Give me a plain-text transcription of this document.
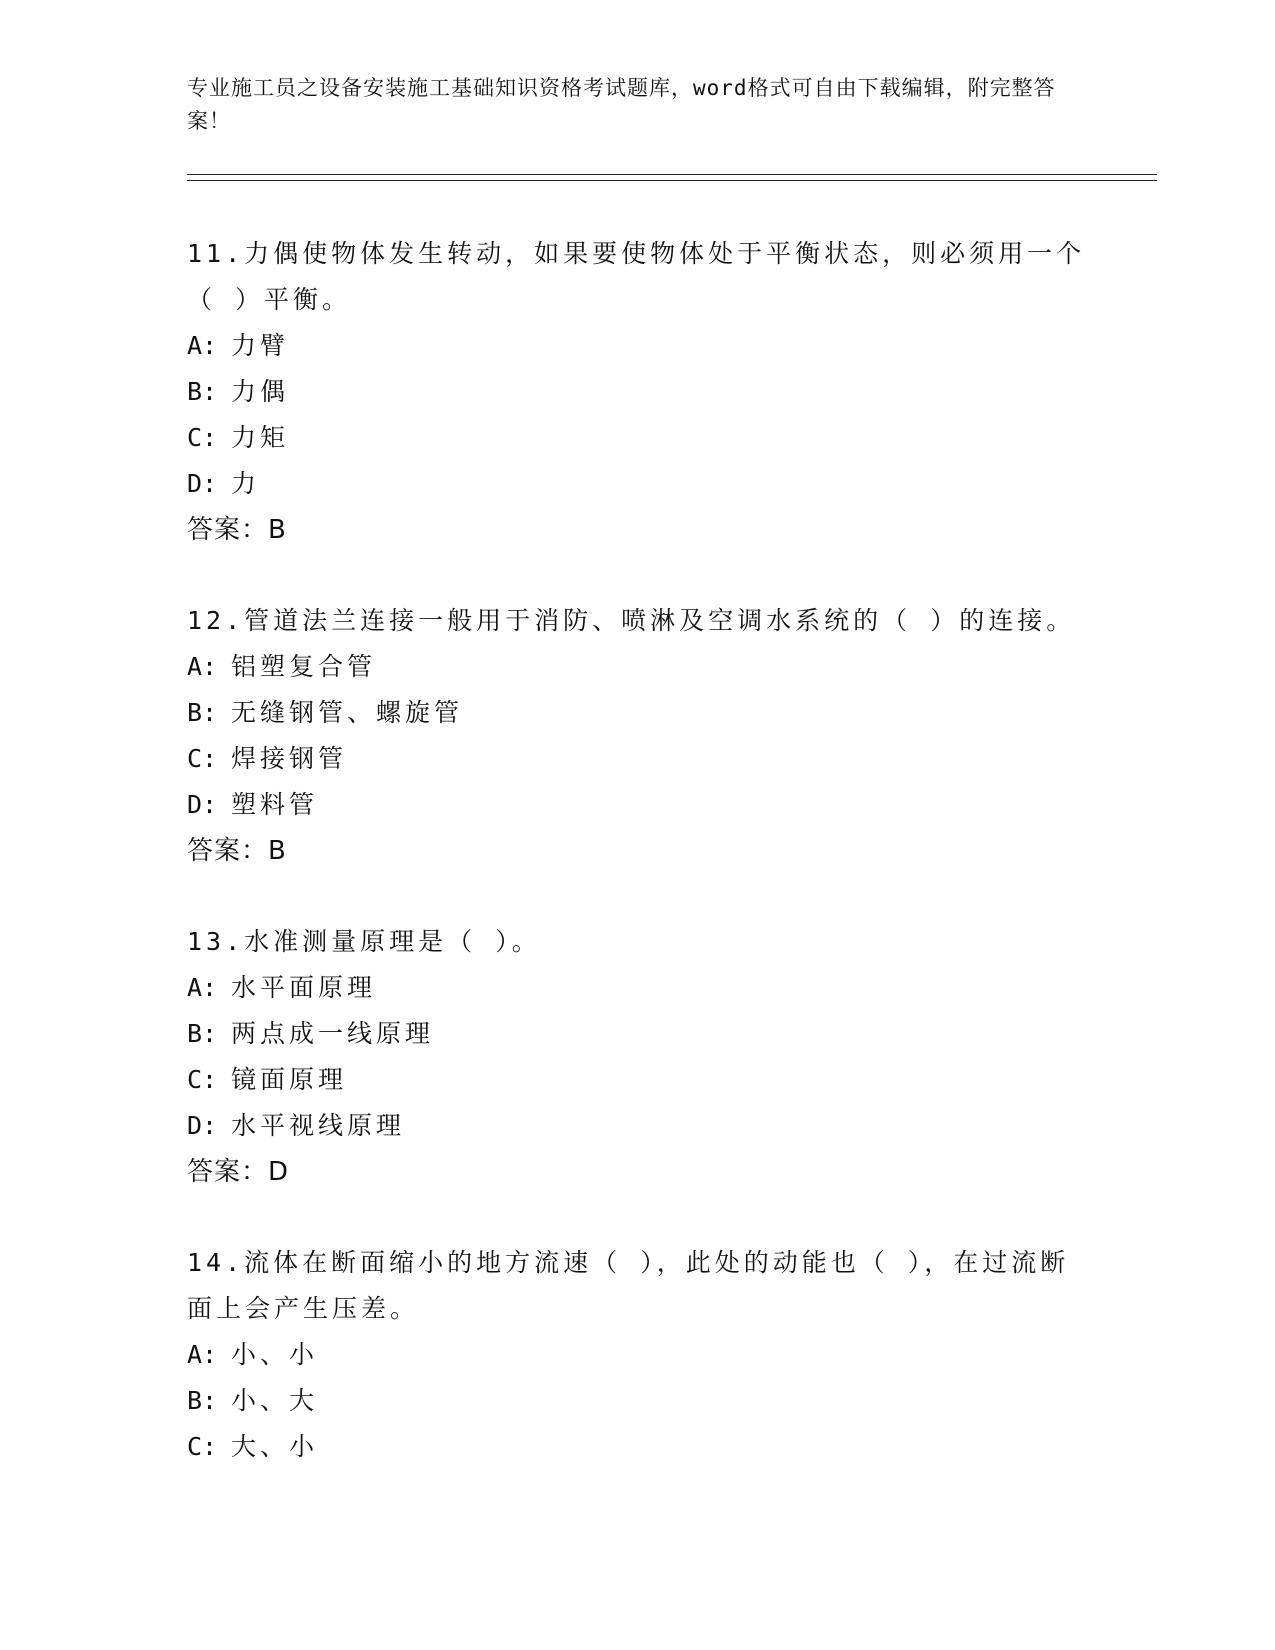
专业施工员之设备安装施工基础知识资格考试题库，word格式可自由下载编辑，附完整答案！
11.力偶使物体发生转动，如果要使物体处于平衡状态，则必须用一个（ ）平衡。
A: 力臂
B: 力偶
C: 力矩
D: 力
答案：B
12.管道法兰连接一般用于消防、喷淋及空调水系统的（ ）的连接。
A: 铝塑复合管
B: 无缝钢管、螺旋管
C: 焊接钢管
D: 塑料管
答案：B
13.水准测量原理是（ ）。
A: 水平面原理
B: 两点成一线原理
C: 镜面原理
D: 水平视线原理
答案：D
14.流体在断面缩小的地方流速（ ），此处的动能也（ ），在过流断面上会产生压差。
A: 小、小
B: 小、大
C: 大、小
